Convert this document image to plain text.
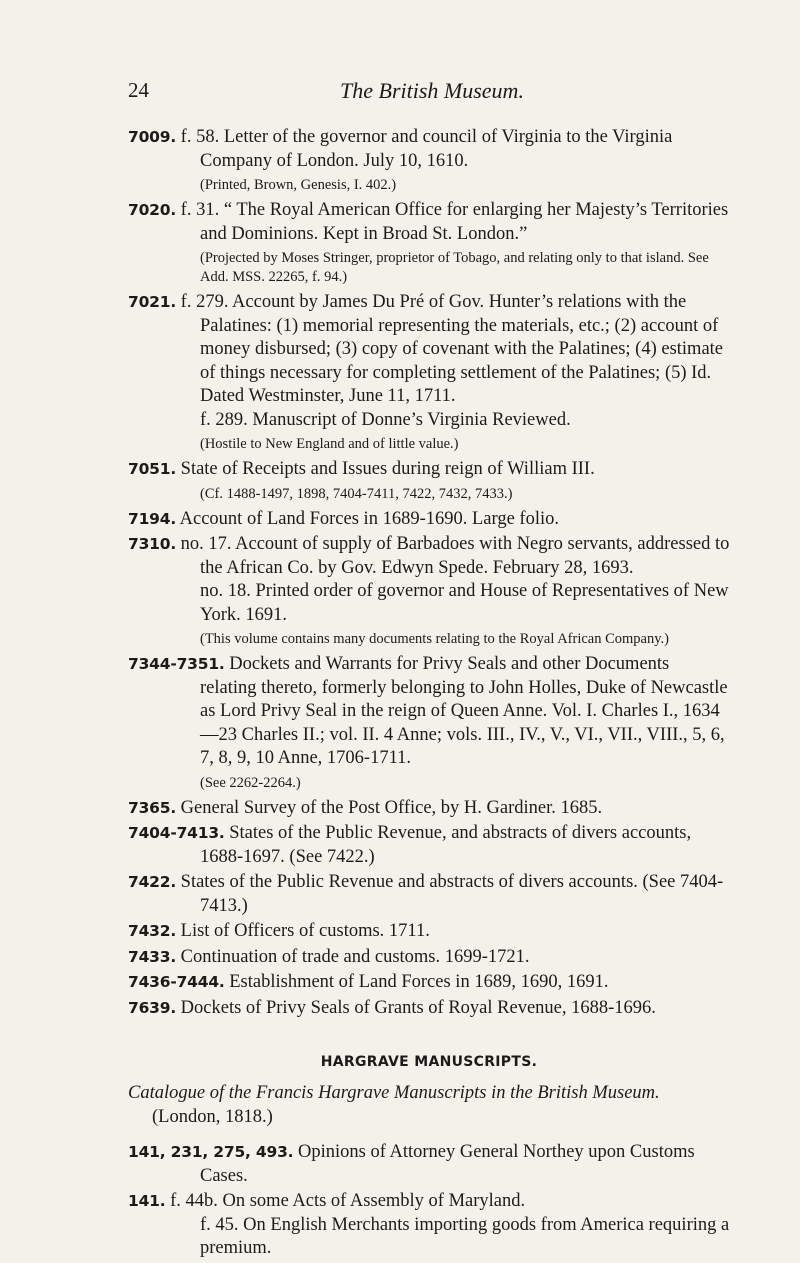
24	The British Museum.
7009. f. 58. Letter of the governor and council of Virginia to the Virginia Company of London. July 10, 1610.
(Printed, Brown, Genesis, I. 402.)
7020. f. 31. “ The Royal American Office for enlarging her Majesty’s Territories and Dominions. Kept in Broad St. London.”
(Projected by Moses Stringer, proprietor of Tobago, and relating only to that island. See Add. MSS. 22265, f. 94.)
7021. f. 279. Account by James Du Pré of Gov. Hunter’s relations with the Palatines: (1) memorial representing the materials, etc.; (2) account of money disbursed; (3) copy of covenant with the Palatines; (4) estimate of things necessary for completing settlement of the Palatines; (5) Id. Dated Westminster, June 11, 1711.
f. 289. Manuscript of Donne’s Virginia Reviewed.
(Hostile to New England and of little value.)
7051. State of Receipts and Issues during reign of William III.
(Cf. 1488-1497, 1898, 7404-7411, 7422, 7432, 7433.)
7194. Account of Land Forces in 1689-1690. Large folio.
7310. no. 17. Account of supply of Barbadoes with Negro servants, addressed to the African Co. by Gov. Edwyn Spede. February 28, 1693.
no. 18. Printed order of governor and House of Representatives of New York. 1691.
(This volume contains many documents relating to the Royal African Company.)
7344-7351. Dockets and Warrants for Privy Seals and other Documents relating thereto, formerly belonging to John Holles, Duke of Newcastle as Lord Privy Seal in the reign of Queen Anne. Vol. I. Charles I., 1634—23 Charles II.; vol. II. 4 Anne; vols. III., IV., V., VI., VII., VIII., 5, 6, 7, 8, 9, 10 Anne, 1706-1711.
(See 2262-2264.)
7365. General Survey of the Post Office, by H. Gardiner. 1685.
7404-7413. States of the Public Revenue, and abstracts of divers accounts, 1688-1697. (See 7422.)
7422. States of the Public Revenue and abstracts of divers accounts. (See 7404-7413.)
7432. List of Officers of customs. 1711.
7433. Continuation of trade and customs. 1699-1721.
7436-7444. Establishment of Land Forces in 1689, 1690, 1691.
7639. Dockets of Privy Seals of Grants of Royal Revenue, 1688-1696.
HARGRAVE MANUSCRIPTS.
Catalogue of the Francis Hargrave Manuscripts in the British Museum. (London, 1818.)
141, 231, 275, 493. Opinions of Attorney General Northey upon Customs Cases.
141. f. 44b. On some Acts of Assembly of Maryland.
f. 45. On English Merchants importing goods from America requiring a premium.
